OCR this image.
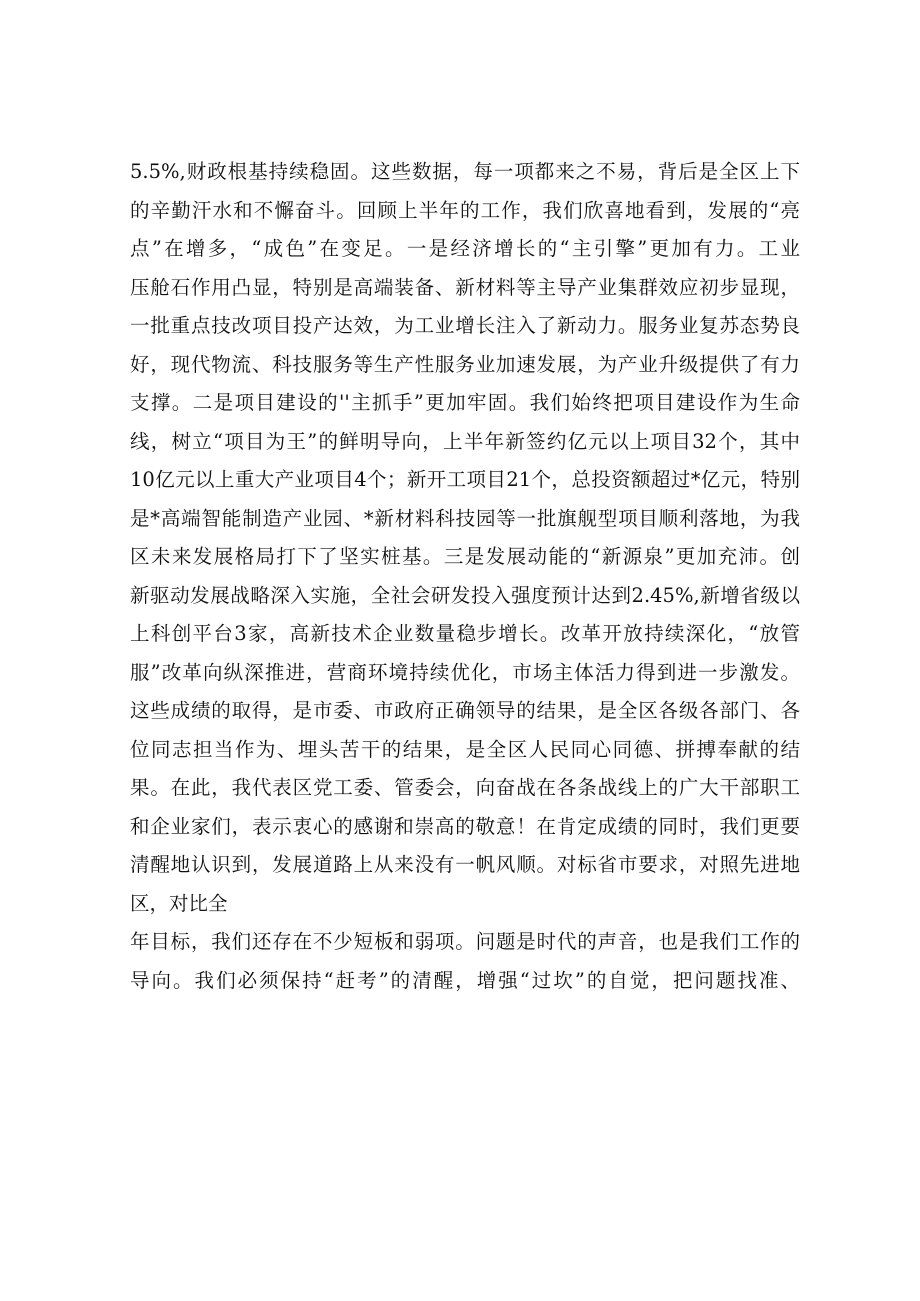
5.5%,财政根基持续稳固。这些数据，每一项都来之不易，背后是全区上下
的辛勤汗水和不懈奋斗。回顾上半年的工作，我们欣喜地看到，发展的“亮
点”在增多，“成色”在变足。一是经济增长的“主引擎”更加有力。工业
压舱石作用凸显，特别是高端装备、新材料等主导产业集群效应初步显现，
一批重点技改项目投产达效，为工业增长注入了新动力。服务业复苏态势良
好，现代物流、科技服务等生产性服务业加速发展，为产业升级提供了有力
支撑。二是项目建设的''主抓手”更加牢固。我们始终把项目建设作为生命
线，树立“项目为王”的鲜明导向，上半年新签约亿元以上项目32个，其中
10亿元以上重大产业项目4个；新开工项目21个，总投资额超过*亿元，特别
是*高端智能制造产业园、*新材料科技园等一批旗舰型项目顺利落地，为我
区未来发展格局打下了坚实桩基。三是发展动能的“新源泉”更加充沛。创
新驱动发展战略深入实施，全社会研发投入强度预计达到2.45%,新增省级以
上科创平台3家，高新技术企业数量稳步增长。改革开放持续深化，“放管
服”改革向纵深推进，营商环境持续优化，市场主体活力得到进一步激发。
这些成绩的取得，是市委、市政府正确领导的结果，是全区各级各部门、各
位同志担当作为、埋头苦干的结果，是全区人民同心同德、拼搏奉献的结
果。在此，我代表区党工委、管委会，向奋战在各条战线上的广大干部职工
和企业家们，表示衷心的感谢和崇高的敬意！在肯定成绩的同时，我们更要
清醒地认识到，发展道路上从来没有一帆风顺。对标省市要求，对照先进地
区，对比全
年目标，我们还存在不少短板和弱项。问题是时代的声音，也是我们工作的
导向。我们必须保持“赶考”的清醒，增强“过坎”的自觉，把问题找准、
